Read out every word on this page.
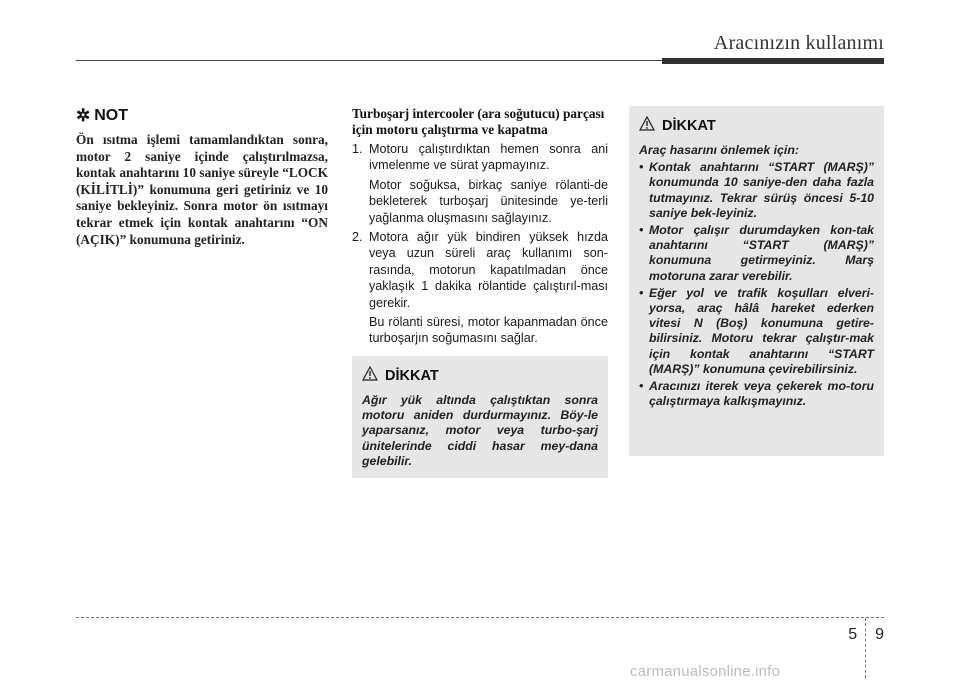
Aracınızın kullanımı
✲ NOT

Ön ısıtma işlemi tamamlandıktan sonra, motor 2 saniye içinde çalıştırılmazsa, kontak anahtarını 10 saniye süreyle “LOCK (KİLİTLİ)” konumuna geri getiriniz ve 10 saniye bekleyiniz. Sonra motor ön ısıtmayı tekrar etmek için kontak anahtarını “ON (AÇIK)” konumuna getiriniz.

Turboşarj intercooler (ara soğutucu) parçası için motoru çalıştırma ve kapatma

1. Motoru çalıştırdıktan hemen sonra ani ivmelenme ve sürat yapmayınız.
Motor soğuksa, birkaç saniye rölanti-de bekleterek turboşarj ünitesinde ye-terli yağlanma oluşmasını sağlayınız.
2. Motora ağır yük bindiren yüksek hızda veya uzun süreli araç kullanımı son-rasında, motorun kapatılmadan önce yaklaşık 1 dakika rölantide çalıştırıl-ması gerekir.
Bu rölanti süresi, motor kapanmadan önce turboşarjın soğumasını sağlar.
DİKKAT

Ağır yük altında çalıştıktan sonra motoru aniden durdurmayınız. Böy-le yaparsanız, motor veya turbo-şarj ünitelerinde ciddi hasar mey-dana gelebilir.

DİKKAT

Araç hasarını önlemek için:

• Kontak anahtarını “START (MARŞ)” konumunda 10 saniye-den daha fazla tutmayınız. Tekrar sürüş öncesi 5-10 saniye bek-leyiniz.
• Motor çalışır durumdayken kon-tak anahtarını “START (MARŞ)” konumuna getirmeyiniz. Marş motoruna zarar verebilir.
• Eğer yol ve trafik koşulları elveri-yorsa, araç hâlâ hareket ederken vitesi N (Boş) konumuna getire-bilirsiniz. Motoru tekrar çalıştır-mak için kontak anahtarını “START (MARŞ)” konumuna çevirebilirsiniz.
• Aracınızı iterek veya çekerek mo-toru çalıştırmaya kalkışmayınız.
5 9
carmanualsonline.info
